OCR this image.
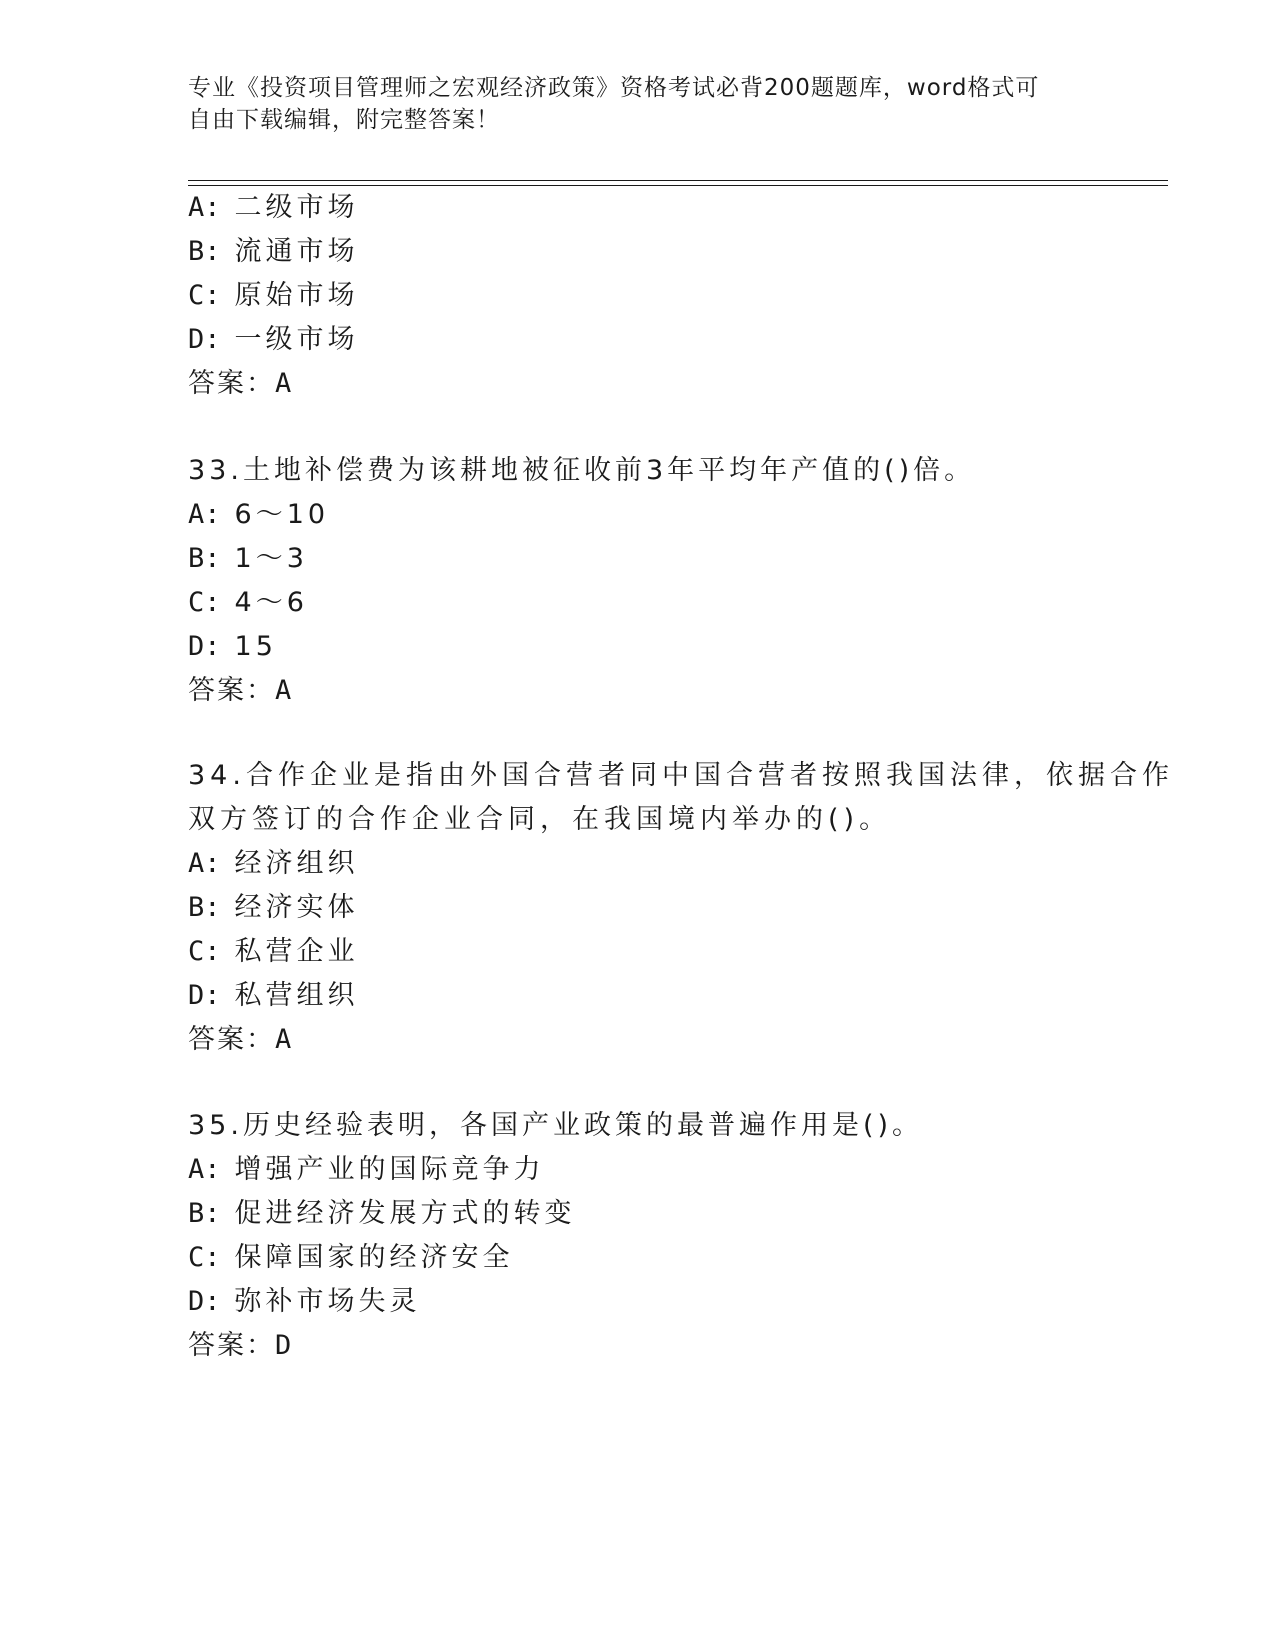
专业《投资项目管理师之宏观经济政策》资格考试必背200题题库，word格式可
自由下载编辑，附完整答案！
A: 二级市场
B: 流通市场
C: 原始市场
D: 一级市场
答案：A
33.土地补偿费为该耕地被征收前3年平均年产值的()倍。
A: 6～10
B: 1～3
C: 4～6
D: 15
答案：A
34.合作企业是指由外国合营者同中国合营者按照我国法律，依据合作
双方签订的合作企业合同，在我国境内举办的()。
A: 经济组织
B: 经济实体
C: 私营企业
D: 私营组织
答案：A
35.历史经验表明，各国产业政策的最普遍作用是()。
A: 增强产业的国际竞争力
B: 促进经济发展方式的转变
C: 保障国家的经济安全
D: 弥补市场失灵
答案：D
